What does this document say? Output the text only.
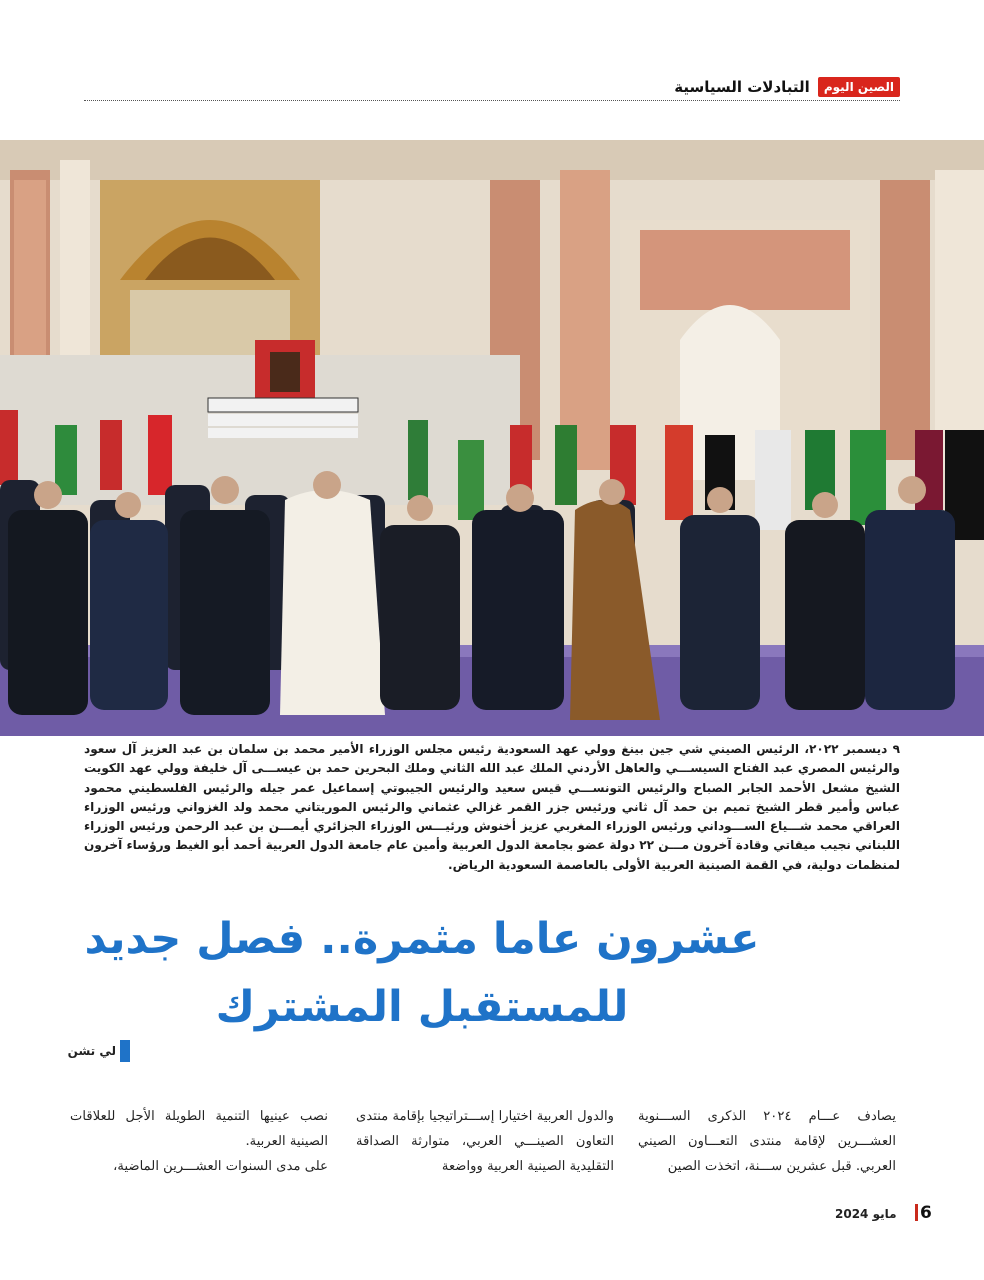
الصين اليوم
التبادلات السياسية

٩ ديسمبر ٢٠٢٢، الرئيس الصيني شي جين بينغ وولي عهد السعودية رئيس مجلس الوزراء الأمير محمد بن سلمان بن عبد العزيز آل سعود والرئيس المصري عبد الفتاح السيســـي والعاهل الأردني الملك عبد الله الثاني وملك البحرين حمد بن عيســـى آل خليفة وولي عهد الكويت الشيخ مشعل الأحمد الجابر الصباح والرئيس التونســـي قيس سعيد والرئيس الجيبوتي إسماعيل عمر جيله والرئيس الفلسطيني محمود عباس وأمير قطر الشيخ تميم بن حمد آل ثاني ورئيس جزر القمر غزالي عثماني والرئيس الموريتاني محمد ولد الغزواني ورئيس الوزراء العراقي محمد شـــياع الســـوداني ورئيس الوزراء المغربي عزيز أخنوش ورئيـــس الوزراء الجزائري أيمـــن بن عبد الرحمن ورئيس الوزراء اللبناني نجيب ميقاتي وقادة آخرون مـــن ٢٢ دولة عضو بجامعة الدول العربية وأمين عام جامعة الدول العربية أحمد أبو الغيط ورؤساء آخرون لمنظمات دولية، في القمة الصينية العربية الأولى بالعاصمة السعودية الرياض.

عشرون عاما مثمرة.. فصل جديد
للمستقبل المشترك
لي تشن

يصادف عـــام ٢٠٢٤ الذكرى الســـنوية العشـــرين لإقامة منتدى التعـــاون الصيني العربي. قبل عشرين ســـنة، اتخذت الصين

والدول العربية اختيارا إســـتراتيجيا بإقامة منتدى التعاون الصينـــي العربي، متوارثة الصداقة التقليدية الصينية العربية وواضعة

نصب عينيها التنمية الطويلة الأجل للعلاقات الصينية العربية.
على مدى السنوات العشـــرين الماضية،

6
مايو 2024
